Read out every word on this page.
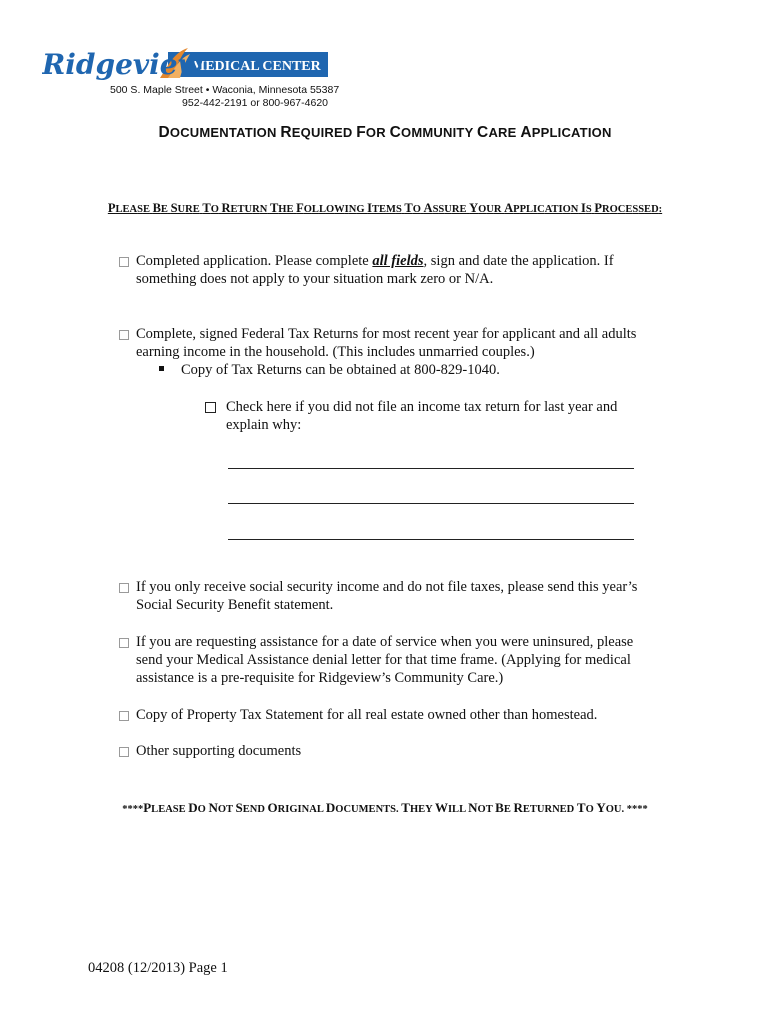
MEDICAL CENTER
Ridgeview
500 S. Maple Street • Waconia, Minnesota 55387
952-442-2191 or 800-967-4620
DOCUMENTATION REQUIRED FOR COMMUNITY CARE APPLICATION
PLEASE BE SURE TO RETURN THE FOLLOWING ITEMS TO ASSURE YOUR APPLICATION IS PROCESSED:
Completed application. Please complete all fields, sign and date the application. If
something does not apply to your situation mark zero or N/A.
Complete, signed Federal Tax Returns for most recent year for applicant and all adults
earning income in the household. (This includes unmarried couples.)
Copy of Tax Returns can be obtained at 800-829-1040.
Check here if you did not file an income tax return for last year and
explain why:
If you only receive social security income and do not file taxes, please send this year’s
Social Security Benefit statement.
If you are requesting assistance for a date of service when you were uninsured, please
send your Medical Assistance denial letter for that time frame. (Applying for medical
assistance is a pre-requisite for Ridgeview’s Community Care.)
Copy of Property Tax Statement for all real estate owned other than homestead.
Other supporting documents
****PLEASE DO NOT SEND ORIGINAL DOCUMENTS. THEY WILL NOT BE RETURNED TO YOU. ****
04208 (12/2013) Page 1
